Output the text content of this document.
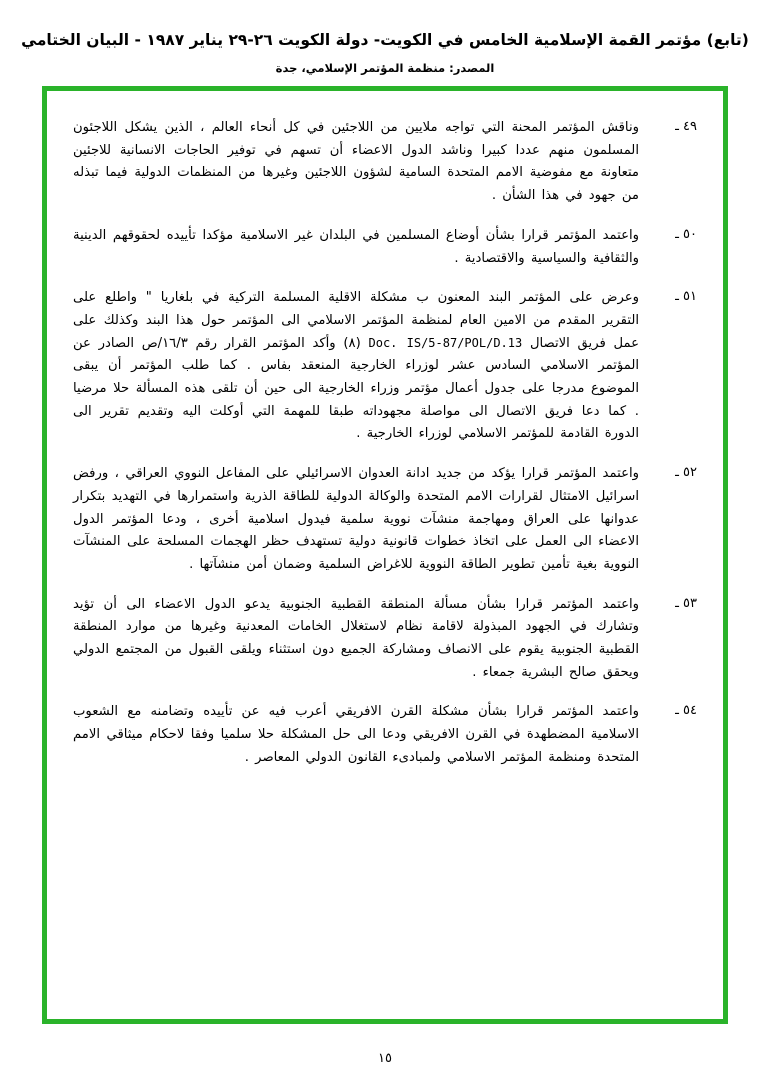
(تابع) مؤتمر القمة الإسلامية الخامس في الكويت- دولة الكويت ٢٦-٢٩ يناير ١٩٨٧ - البيان الختامي
المصدر: منظمة المؤتمر الإسلامي، جدة
٤٩ ـ
وناقش المؤتمر المحنة التي تواجه ملايين من اللاجئين في كل أنحاء العالم ، الذين يشكل اللاجئون المسلمون منهم عددا كبيرا وناشد الدول الاعضاء أن تسهم في توفير الحاجات الانسانية للاجئين متعاونة مع مفوضية الامم المتحدة السامية لشؤون اللاجئين وغيرها من المنظمات الدولية فيما تبذله من جهود في هذا الشأن .
٥٠ ـ
واعتمد المؤتمر قرارا بشأن أوضاع المسلمين في البلدان غير الاسلامية مؤكدا تأييده لحقوقهم الدينية والثقافية والسياسية والاقتصادية .
٥١ ـ
وعرض على المؤتمر البند المعنون ب مشكلة الاقلية المسلمة التركية في بلغاريا " واطلع على التقرير المقدم من الامين العام لمنظمة المؤتمر الاسلامي الى المؤتمر حول هذا البند وكذلك على عمل فريق الاتصال Doc. IS/5-87/POL/D.13 (٨) وأكد المؤتمر القرار رقم ١٦/٣/ص الصادر عن المؤتمر الاسلامي السادس عشر لوزراء الخارجية المنعقد بفاس . كما طلب المؤتمر أن يبقى الموضوع مدرجا على جدول أعمال مؤتمر وزراء الخارجية الى حين أن تلقى هذه المسألة حلا مرضيا . كما دعا فريق الاتصال الى مواصلة مجهوداته طبقا للمهمة التي أوكلت اليه وتقديم تقرير الى الدورة القادمة للمؤتمر الاسلامي لوزراء الخارجية .
٥٢ ـ
واعتمد المؤتمر قرارا يؤكد من جديد ادانة العدوان الاسرائيلي على المفاعل النووي العراقي ، ورفض اسرائيل الامتثال لقرارات الامم المتحدة والوكالة الدولية للطاقة الذرية واستمرارها في التهديد بتكرار عدوانها على العراق ومهاجمة منشآت نووية سلمية فيدول اسلامية أخرى ، ودعا المؤتمر الدول الاعضاء الى العمل على اتخاذ خطوات قانونية دولية تستهدف حظر الهجمات المسلحة على المنشآت النووية بغية تأمين تطوير الطاقة النووية للاغراض السلمية وضمان أمن منشآتها .
٥٣ ـ
واعتمد المؤتمر قرارا بشأن مسألة المنطقة القطبية الجنوبية يدعو الدول الاعضاء الى أن تؤيد وتشارك في الجهود المبذولة لاقامة نظام لاستغلال الخامات المعدنية وغيرها من موارد المنطقة القطبية الجنوبية يقوم على الانصاف ومشاركة الجميع دون استثناء ويلقى القبول من المجتمع الدولي ويحقق صالح البشرية جمعاء .
٥٤ ـ
واعتمد المؤتمر قرارا بشأن مشكلة القرن الافريقي أعرب فيه عن تأييده وتضامنه مع الشعوب الاسلامية المضطهدة في القرن الافريقي ودعا الى حل المشكلة حلا سلميا وفقا لاحكام ميثاقي الامم المتحدة ومنظمة المؤتمر الاسلامي ولمبادىء القانون الدولي المعاصر .
١٥
